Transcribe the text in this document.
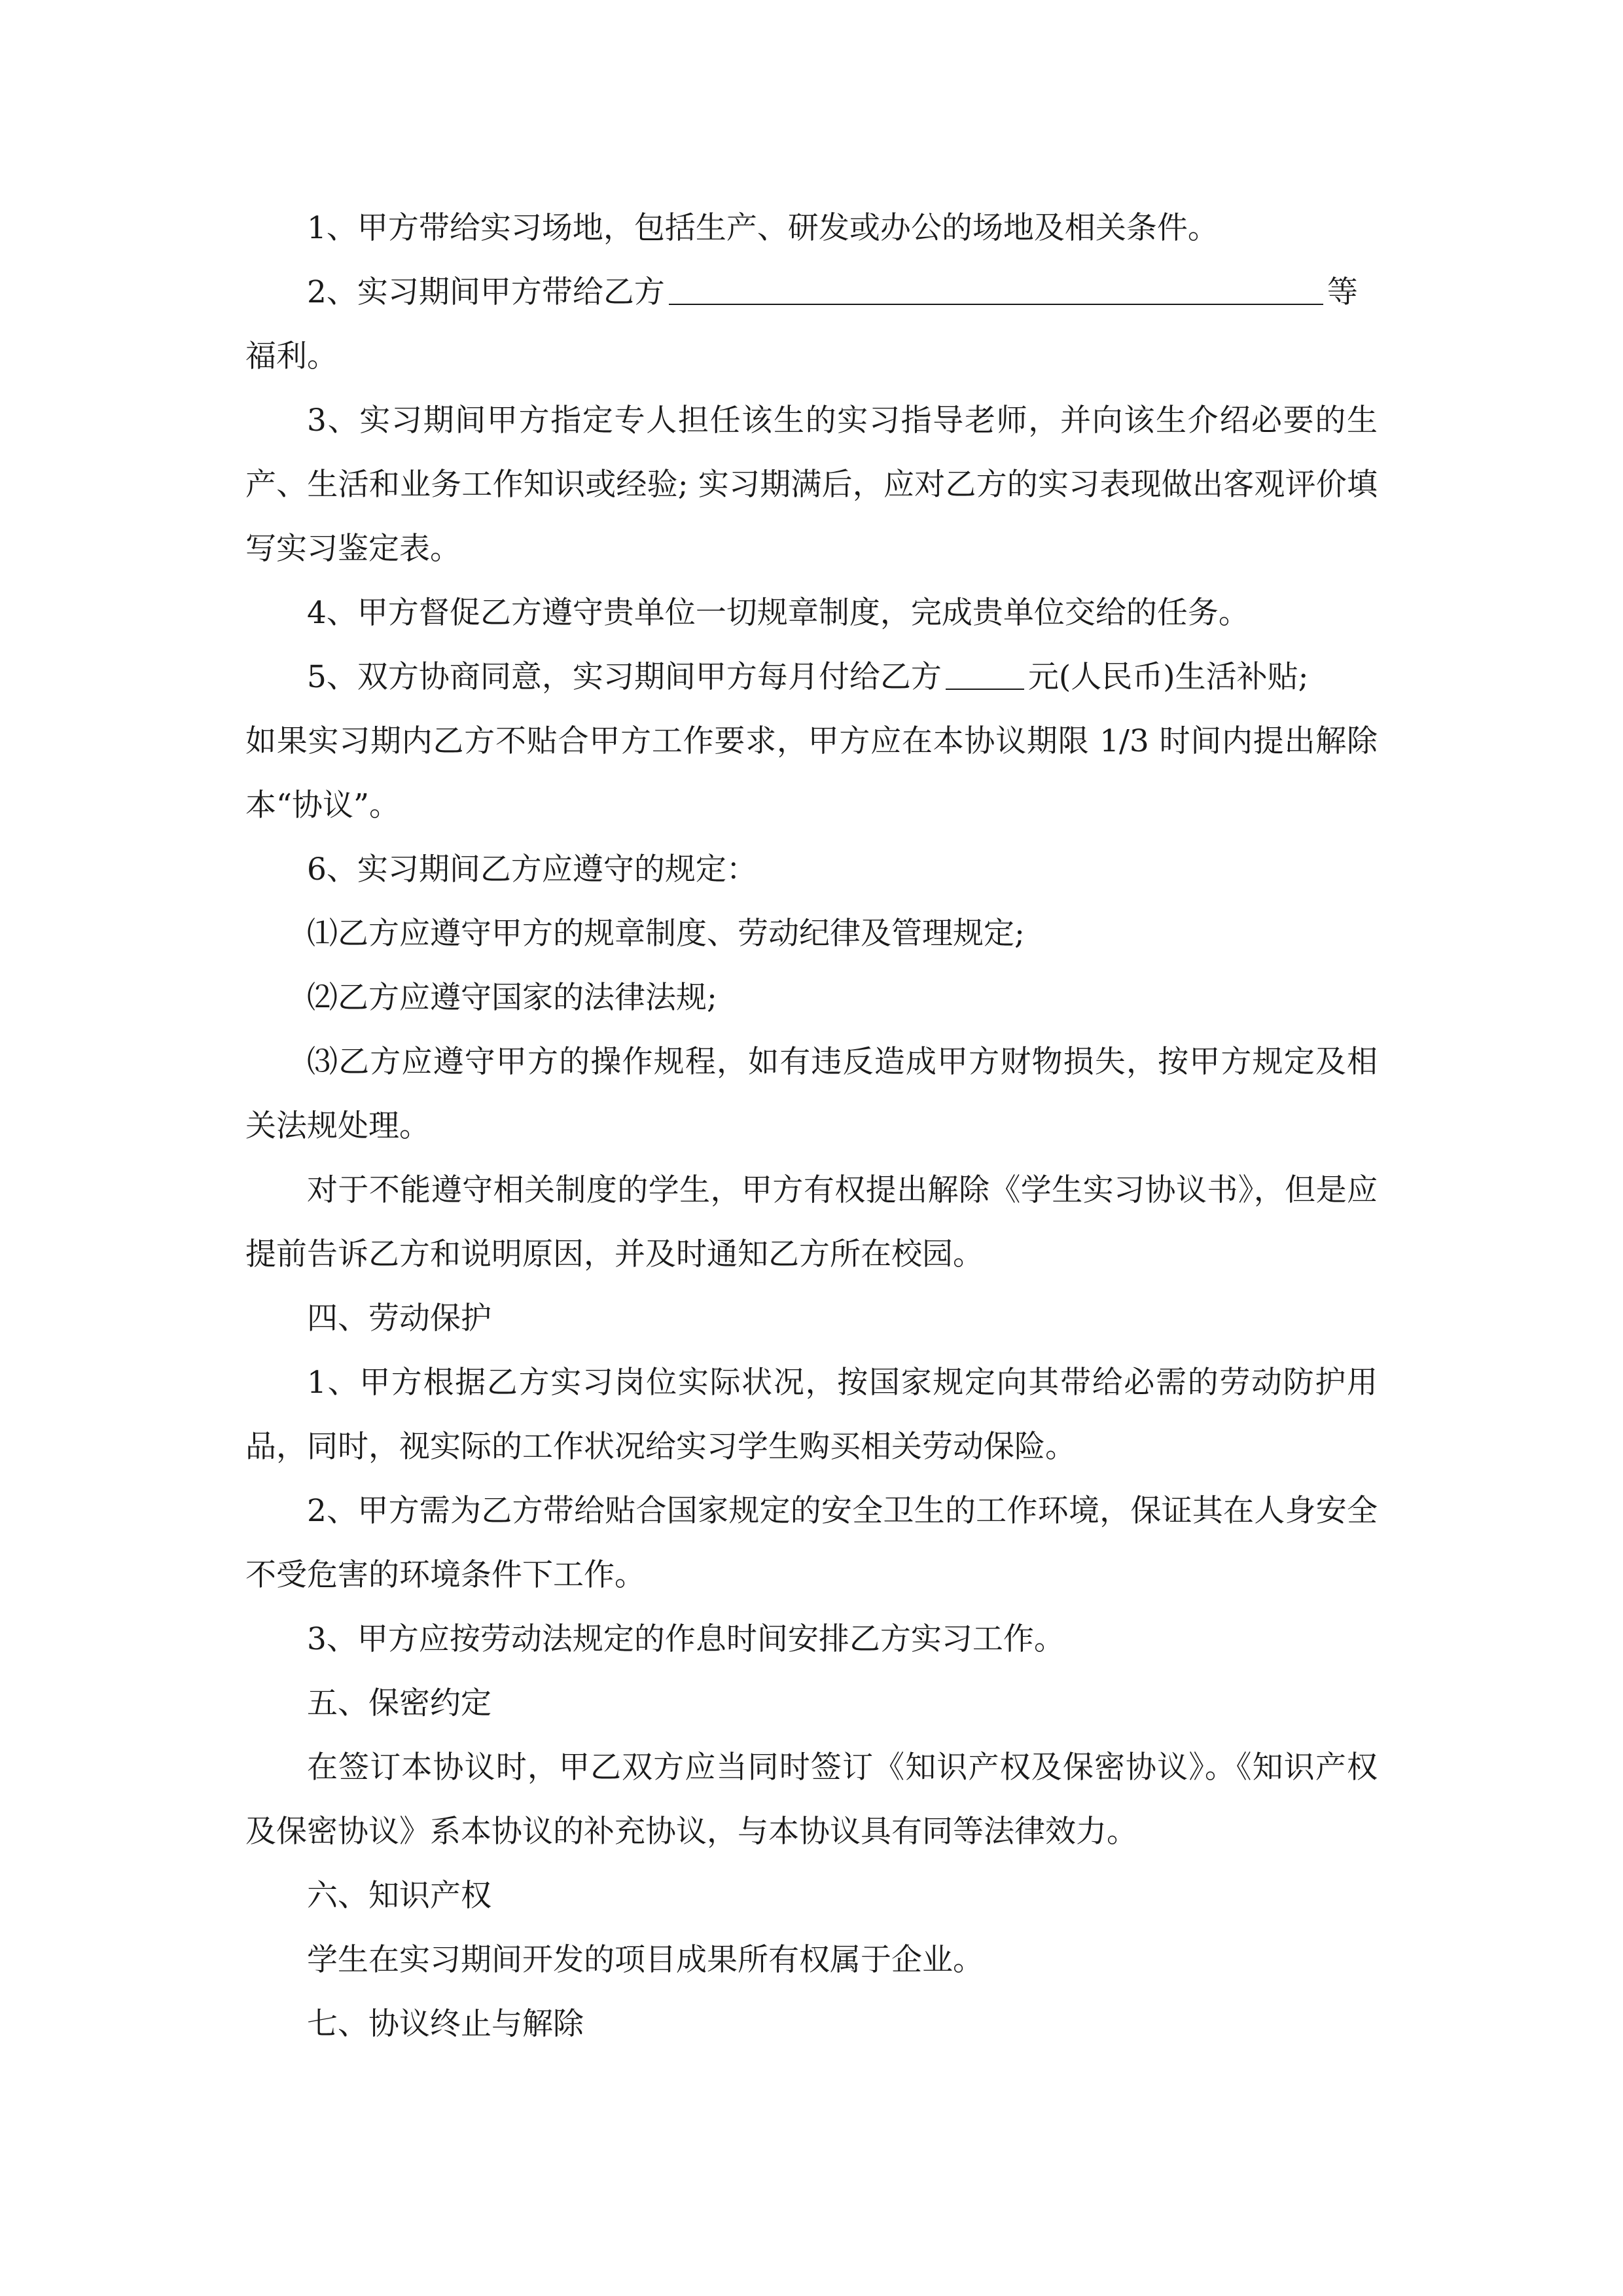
1、甲方带给实习场地，包括生产、研发或办公的场地及相关条件。

2、实习期间甲方带给乙方	等

福利。

3、实习期间甲方指定专人担任该生的实习指导老师，并向该生介绍必要的生产、生活和业务工作知识或经验; 实习期满后，应对乙方的实习表现做出客观评价填写实习鉴定表。

4、甲方督促乙方遵守贵单位一切规章制度，完成贵单位交给的任务。

5、双方协商同意，实习期间甲方每月付给乙方	元(人民币)生活补贴;

如果实习期内乙方不贴合甲方工作要求，甲方应在本协议期限 1/3 时间内提出解除本“协议”。

6、实习期间乙方应遵守的规定：

⑴乙方应遵守甲方的规章制度、劳动纪律及管理规定;

⑵乙方应遵守国家的法律法规;

⑶乙方应遵守甲方的操作规程，如有违反造成甲方财物损失，按甲方规定及相关法规处理。

对于不能遵守相关制度的学生，甲方有权提出解除《学生实习协议书》，但是应提前告诉乙方和说明原因，并及时通知乙方所在校园。

四、劳动保护

1、甲方根据乙方实习岗位实际状况，按国家规定向其带给必需的劳动防护用品，同时，视实际的工作状况给实习学生购买相关劳动保险。

2、甲方需为乙方带给贴合国家规定的安全卫生的工作环境，保证其在人身安全不受危害的环境条件下工作。

3、甲方应按劳动法规定的作息时间安排乙方实习工作。

五、保密约定

在签订本协议时，甲乙双方应当同时签订《知识产权及保密协议》。《知识产权及保密协议》系本协议的补充协议，与本协议具有同等法律效力。

六、知识产权

学生在实习期间开发的项目成果所有权属于企业。

七、协议终止与解除
